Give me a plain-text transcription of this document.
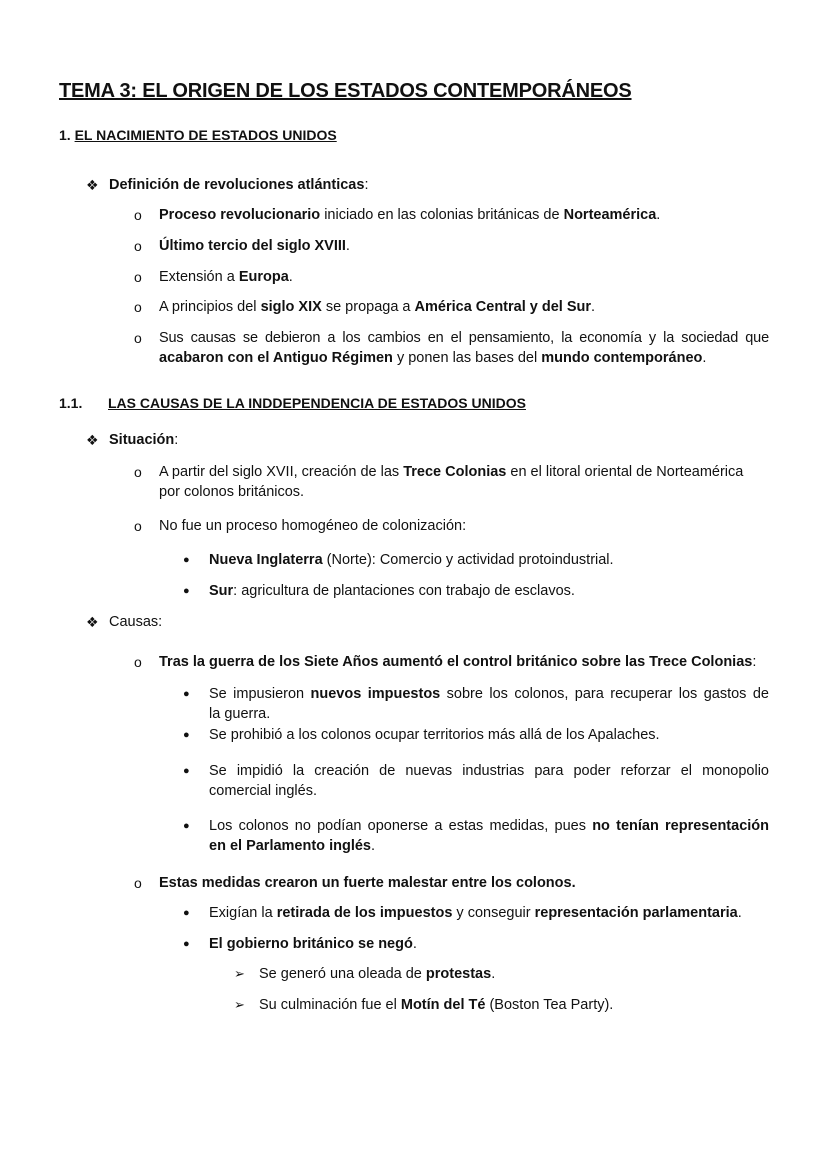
TEMA 3: EL ORIGEN DE LOS ESTADOS CONTEMPORÁNEOS
1. EL NACIMIENTO DE ESTADOS UNIDOS
❖ Definición de revoluciones atlánticas:
o Proceso revolucionario iniciado en las colonias británicas de Norteamérica.
o Último tercio del siglo XVIII.
o Extensión a Europa.
o A principios del siglo XIX se propaga a América Central y del Sur.
o Sus causas se debieron a los cambios en el pensamiento, la economía y la sociedad que
acabaron con el Antiguo Régimen y ponen las bases del mundo contemporáneo.
1.1. LAS CAUSAS DE LA INDDEPENDENCIA DE ESTADOS UNIDOS
❖ Situación:
o A partir del siglo XVII, creación de las Trece Colonias en el litoral oriental de Norteamérica
por colonos británicos.
o No fue un proceso homogéneo de colonización:
● Nueva Inglaterra (Norte): Comercio y actividad protoindustrial.
● Sur: agricultura de plantaciones con trabajo de esclavos.
❖ Causas:
o Tras la guerra de los Siete Años aumentó el control británico sobre las Trece Colonias:
● Se impusieron nuevos impuestos sobre los colonos, para recuperar los gastos de
la guerra.
● Se prohibió a los colonos ocupar territorios más allá de los Apalaches.
● Se impidió la creación de nuevas industrias para poder reforzar el monopolio
comercial inglés.
● Los colonos no podían oponerse a estas medidas, pues no tenían representación
en el Parlamento inglés.
o Estas medidas crearon un fuerte malestar entre los colonos.
● Exigían la retirada de los impuestos y conseguir representación parlamentaria.
● El gobierno británico se negó.
➢ Se generó una oleada de protestas.
➢ Su culminación fue el Motín del Té (Boston Tea Party).
